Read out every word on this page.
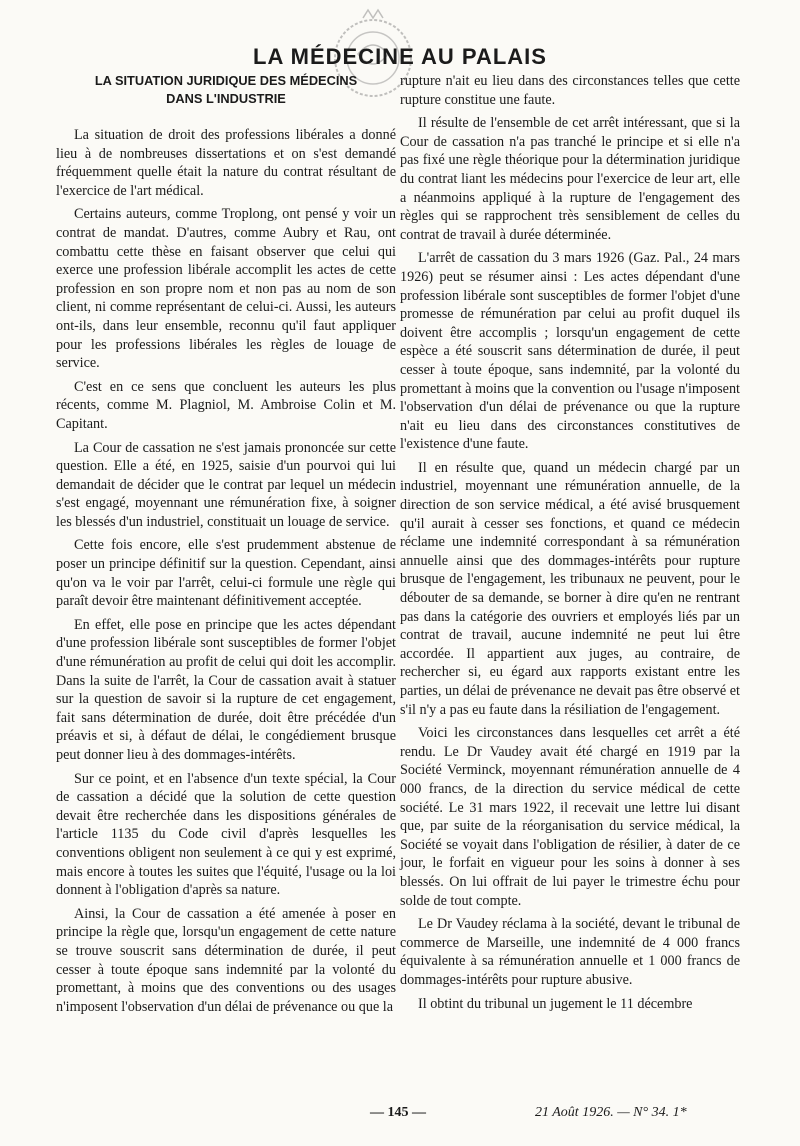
LA MÉDECINE AU PALAIS
LA SITUATION JURIDIQUE DES MÉDECINS
DANS L'INDUSTRIE

La situation de droit des professions libérales a donné lieu à de nombreuses dissertations et on s'est demandé fréquemment quelle était la nature du contrat résultant de l'exercice de l'art médical.

Certains auteurs, comme Troplong, ont pensé y voir un contrat de mandat. D'autres, comme Aubry et Rau, ont combattu cette thèse en faisant observer que celui qui exerce une profession libérale accomplit les actes de cette profession en son propre nom et non pas au nom de son client, ni comme représentant de celui-ci. Aussi, les auteurs ont-ils, dans leur ensemble, reconnu qu'il faut appliquer pour les professions libérales les règles de louage de service.

C'est en ce sens que concluent les auteurs les plus récents, comme M. Plagniol, M. Ambroise Colin et M. Capitant.

La Cour de cassation ne s'est jamais prononcée sur cette question. Elle a été, en 1925, saisie d'un pourvoi qui lui demandait de décider que le contrat par lequel un médecin s'est engagé, moyennant une rémunération fixe, à soigner les blessés d'un industriel, constituait un louage de service.

Cette fois encore, elle s'est prudemment abstenue de poser un principe définitif sur la question. Cependant, ainsi qu'on va le voir par l'arrêt, celui-ci formule une règle qui paraît devoir être maintenant définitivement acceptée.

En effet, elle pose en principe que les actes dépendant d'une profession libérale sont susceptibles de former l'objet d'une rémunération au profit de celui qui doit les accomplir. Dans la suite de l'arrêt, la Cour de cassation avait à statuer sur la question de savoir si la rupture de cet engagement, fait sans détermination de durée, doit être précédée d'un préavis et si, à défaut de délai, le congédiement brusque peut donner lieu à des dommages-intérêts.

Sur ce point, et en l'absence d'un texte spécial, la Cour de cassation a décidé que la solution de cette question devait être recherchée dans les dispositions générales de l'article 1135 du Code civil d'après lesquelles les conventions obligent non seulement à ce qui y est exprimé, mais encore à toutes les suites que l'équité, l'usage ou la loi donnent à l'obligation d'après sa nature.

Ainsi, la Cour de cassation a été amenée à poser en principe la règle que, lorsqu'un engagement de cette nature se trouve souscrit sans détermination de durée, il peut cesser à toute époque sans indemnité par la volonté du promettant, à moins que des conventions ou des usages n'imposent l'observation d'un délai de prévenance ou que la

rupture n'ait eu lieu dans des circonstances telles que cette rupture constitue une faute.

Il résulte de l'ensemble de cet arrêt intéressant, que si la Cour de cassation n'a pas tranché le principe et si elle n'a pas fixé une règle théorique pour la détermination juridique du contrat liant les médecins pour l'exercice de leur art, elle a néanmoins appliqué à la rupture de l'engagement des règles qui se rapprochent très sensiblement de celles du contrat de travail à durée déterminée.

L'arrêt de cassation du 3 mars 1926 (Gaz. Pal., 24 mars 1926) peut se résumer ainsi : Les actes dépendant d'une profession libérale sont susceptibles de former l'objet d'une promesse de rémunération par celui au profit duquel ils doivent être accomplis ; lorsqu'un engagement de cette espèce a été souscrit sans détermination de durée, il peut cesser à toute époque, sans indemnité, par la volonté du promettant à moins que la convention ou l'usage n'imposent l'observation d'un délai de prévenance ou que la rupture n'ait eu lieu dans des circonstances constitutives de l'existence d'une faute.

Il en résulte que, quand un médecin chargé par un industriel, moyennant une rémunération annuelle, de la direction de son service médical, a été avisé brusquement qu'il aurait à cesser ses fonctions, et quand ce médecin réclame une indemnité correspondant à sa rémunération annuelle ainsi que des dommages-intérêts pour rupture brusque de l'engagement, les tribunaux ne peuvent, pour le débouter de sa demande, se borner à dire qu'en ne rentrant pas dans la catégorie des ouvriers et employés liés par un contrat de travail, aucune indemnité ne peut lui être accordée. Il appartient aux juges, au contraire, de rechercher si, eu égard aux rapports existant entre les parties, un délai de prévenance ne devait pas être observé et s'il n'y a pas eu faute dans la résiliation de l'engagement.

Voici les circonstances dans lesquelles cet arrêt a été rendu. Le Dr Vaudey avait été chargé en 1919 par la Société Verminck, moyennant rémunération annuelle de 4 000 francs, de la direction du service médical de cette société. Le 31 mars 1922, il recevait une lettre lui disant que, par suite de la réorganisation du service médical, la Société se voyait dans l'obligation de résilier, à dater de ce jour, le forfait en vigueur pour les soins à donner à ses blessés. On lui offrait de lui payer le trimestre échu pour solde de tout compte.

Le Dr Vaudey réclama à la société, devant le tribunal de commerce de Marseille, une indemnité de 4 000 francs équivalente à sa rémunération annuelle et 1 000 francs de dommages-intérêts pour rupture abusive.

Il obtint du tribunal un jugement le 11 décembre

— 145 —	21 Août 1926. — N° 34. 1*
